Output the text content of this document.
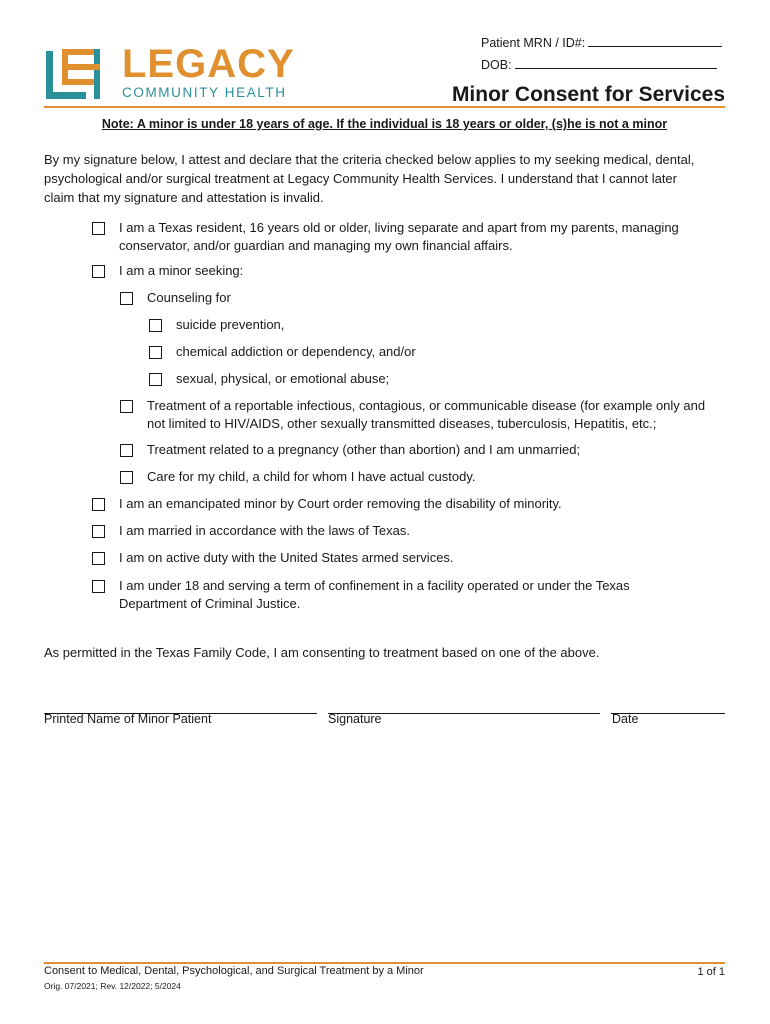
LEGACY
COMMUNITY HEALTH
Patient MRN / ID#:
DOB:
Minor Consent for Services
Note: A minor is under 18 years of age. If the individual is 18 years or older, (s)he is not a minor
By my signature below, I attest and declare that the criteria checked below applies to my seeking medical, dental, psychological and/or surgical treatment at Legacy Community Health Services. I understand that I cannot later claim that my signature and attestation is invalid.
I am a Texas resident, 16 years old or older, living separate and apart from my parents, managing conservator, and/or guardian and managing my own financial affairs.
I am a minor seeking:
Counseling for
suicide prevention,
chemical addiction or dependency, and/or
sexual, physical, or emotional abuse;
Treatment of a reportable infectious, contagious, or communicable disease (for example only and not limited to HIV/AIDS, other sexually transmitted diseases, tuberculosis, Hepatitis, etc.;
Treatment related to a pregnancy (other than abortion) and I am unmarried;
Care for my child, a child for whom I have actual custody.
I am an emancipated minor by Court order removing the disability of minority.
I am married in accordance with the laws of Texas.
I am on active duty with the United States armed services.
I am under 18 and serving a term of confinement in a facility operated or under the Texas Department of Criminal Justice.
As permitted in the Texas Family Code, I am consenting to treatment based on one of the above.
Printed Name of Minor Patient	Signature	Date
Consent to Medical, Dental, Psychological, and Surgical Treatment by a Minor
Orig. 07/2021; Rev. 12/2022; 5/2024
1 of 1
